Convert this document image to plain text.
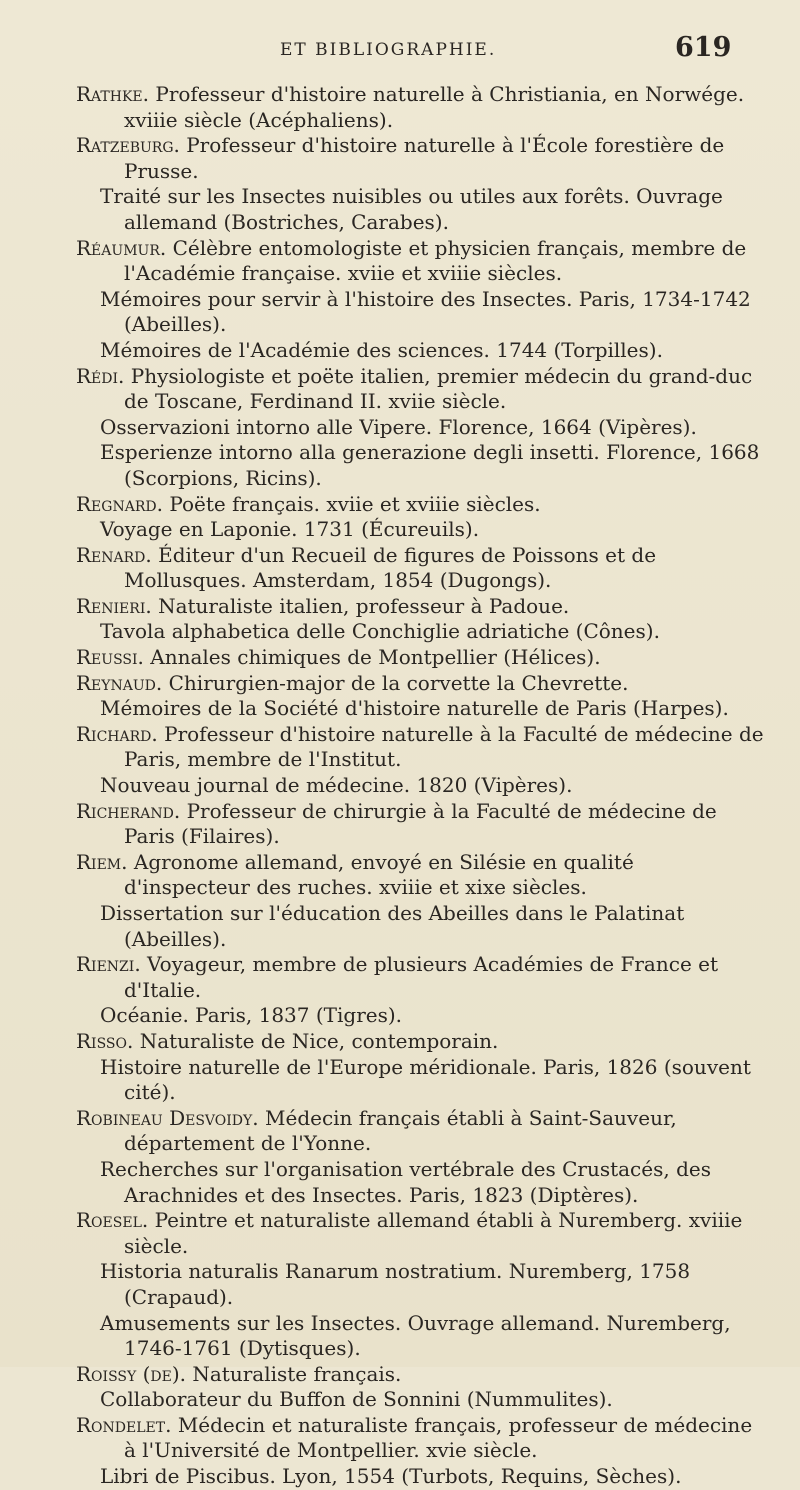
ET BIBLIOGRAPHIE.	619
Rathke. Professeur d'histoire naturelle à Christiania, en Norwége. xviiie siècle (Acéphaliens).
Ratzeburg. Professeur d'histoire naturelle à l'École forestière de Prusse.
Traité sur les Insectes nuisibles ou utiles aux forêts. Ouvrage allemand (Bostriches, Carabes).
Réaumur. Célèbre entomologiste et physicien français, membre de l'Académie française. xviie et xviiie siècles.
Mémoires pour servir à l'histoire des Insectes. Paris, 1734-1742 (Abeilles).
Mémoires de l'Académie des sciences. 1744 (Torpilles).
Rédi. Physiologiste et poëte italien, premier médecin du grand-duc de Toscane, Ferdinand II. xviie siècle.
Osservazioni intorno alle Vipere. Florence, 1664 (Vipères).
Esperienze intorno alla generazione degli insetti. Florence, 1668 (Scorpions, Ricins).
Regnard. Poëte français. xviie et xviiie siècles.
Voyage en Laponie. 1731 (Écureuils).
Renard. Éditeur d'un Recueil de figures de Poissons et de Mollusques. Amsterdam, 1854 (Dugongs).
Renieri. Naturaliste italien, professeur à Padoue.
Tavola alphabetica delle Conchiglie adriatiche (Cônes).
Reussi. Annales chimiques de Montpellier (Hélices).
Reynaud. Chirurgien-major de la corvette la Chevrette.
Mémoires de la Société d'histoire naturelle de Paris (Harpes).
Richard. Professeur d'histoire naturelle à la Faculté de médecine de Paris, membre de l'Institut.
Nouveau journal de médecine. 1820 (Vipères).
Richerand. Professeur de chirurgie à la Faculté de médecine de Paris (Filaires).
Riem. Agronome allemand, envoyé en Silésie en qualité d'inspecteur des ruches. xviiie et xixe siècles.
Dissertation sur l'éducation des Abeilles dans le Palatinat (Abeilles).
Rienzi. Voyageur, membre de plusieurs Académies de France et d'Italie.
Océanie. Paris, 1837 (Tigres).
Risso. Naturaliste de Nice, contemporain.
Histoire naturelle de l'Europe méridionale. Paris, 1826 (souvent cité).
Robineau Desvoidy. Médecin français établi à Saint-Sauveur, département de l'Yonne.
Recherches sur l'organisation vertébrale des Crustacés, des Arachnides et des Insectes. Paris, 1823 (Diptères).
Roesel. Peintre et naturaliste allemand établi à Nuremberg. xviiie siècle.
Historia naturalis Ranarum nostratium. Nuremberg, 1758 (Crapaud).
Amusements sur les Insectes. Ouvrage allemand. Nuremberg, 1746-1761 (Dytisques).
Roissy (de). Naturaliste français.
Collaborateur du Buffon de Sonnini (Nummulites).
Rondelet. Médecin et naturaliste français, professeur de médecine à l'Université de Montpellier. xvie siècle.
Libri de Piscibus. Lyon, 1554 (Turbots, Requins, Sèches).
